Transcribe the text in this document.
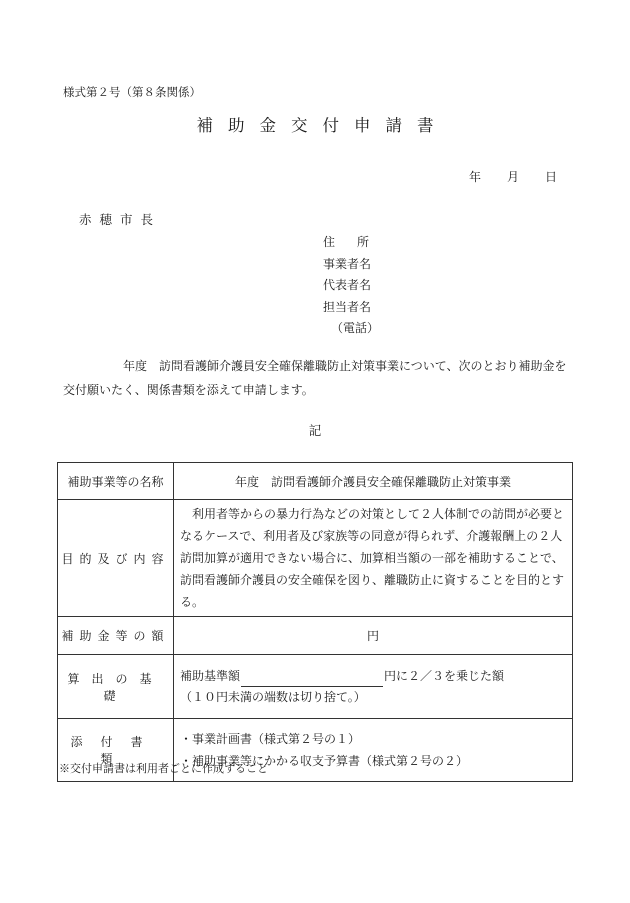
様式第２号（第８条関係）
補助金交付申請書
年	月	日
赤穂市長
住 所
事業者名
代表者名
担当者名
（電話）
年度　訪問看護師介護員安全確保離職防止対策事業について、次のとおり補助金を交付願いたく、関係書類を添えて申請します。
記
補助事業等の名称	年度　訪問看護師介護員安全確保離職防止対策事業
目的及び内容	利用者等からの暴力行為などの対策として２人体制での訪問が必要となるケースで、利用者及び家族等の同意が得られず、介護報酬上の２人訪問加算が適用できない場合に、加算相当額の一部を補助することで、訪問看護師介護員の安全確保を図り、離職防止に資することを目的とする。
補助金等の額	円
算出の基礎	補助基準額 円に２／３を乗じた額
（１０円未満の端数は切り捨て。）

添付書類	・事業計画書（様式第２号の１）
・補助事業等にかかる収支予算書（様式第２号の２）
※交付申請書は利用者ごとに作成すること
